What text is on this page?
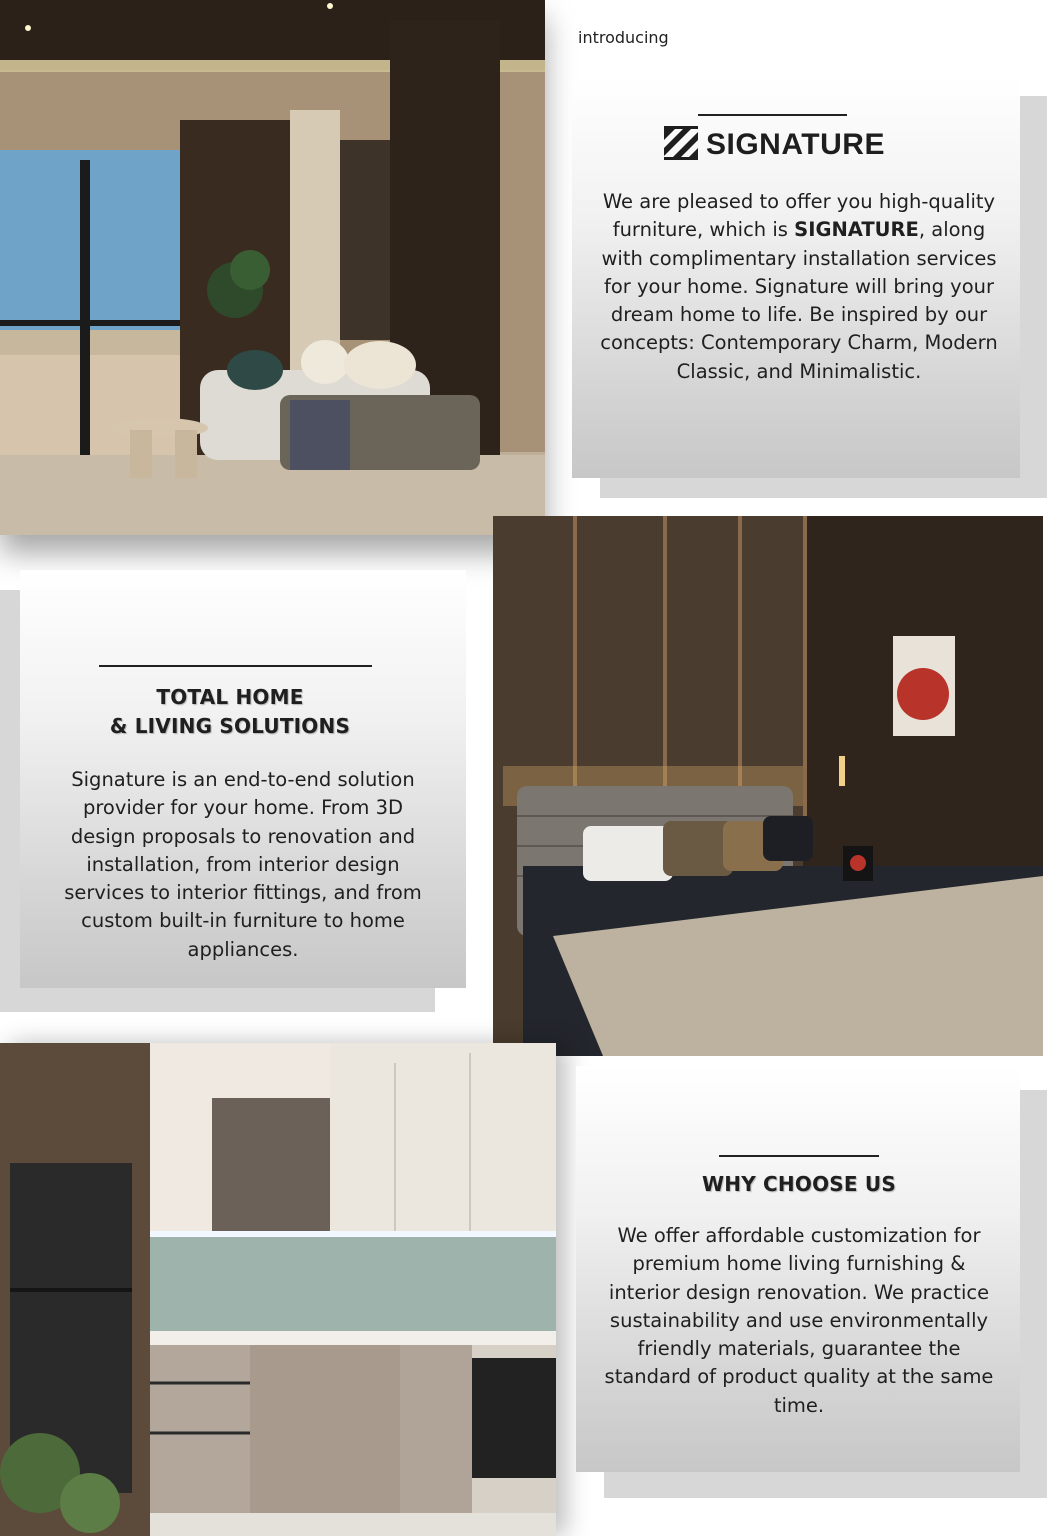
introducing
SIGNATURE
We are pleased to offer you high-quality furniture, which is SIGNATURE, along with complimentary installation services for your home. Signature will bring your dream home to life. Be inspired by our concepts: Contemporary Charm, Modern Classic, and Minimalistic.
TOTAL HOME
& LIVING SOLUTIONS
Signature is an end-to-end solution provider for your home. From 3D design proposals to renovation and installation, from interior design services to interior fittings, and from custom built-in furniture to home appliances.
WHY CHOOSE US
We offer affordable customization for premium home living furnishing & interior design renovation. We practice sustainability and use environmentally friendly materials, guarantee the standard of product quality at the same time.
